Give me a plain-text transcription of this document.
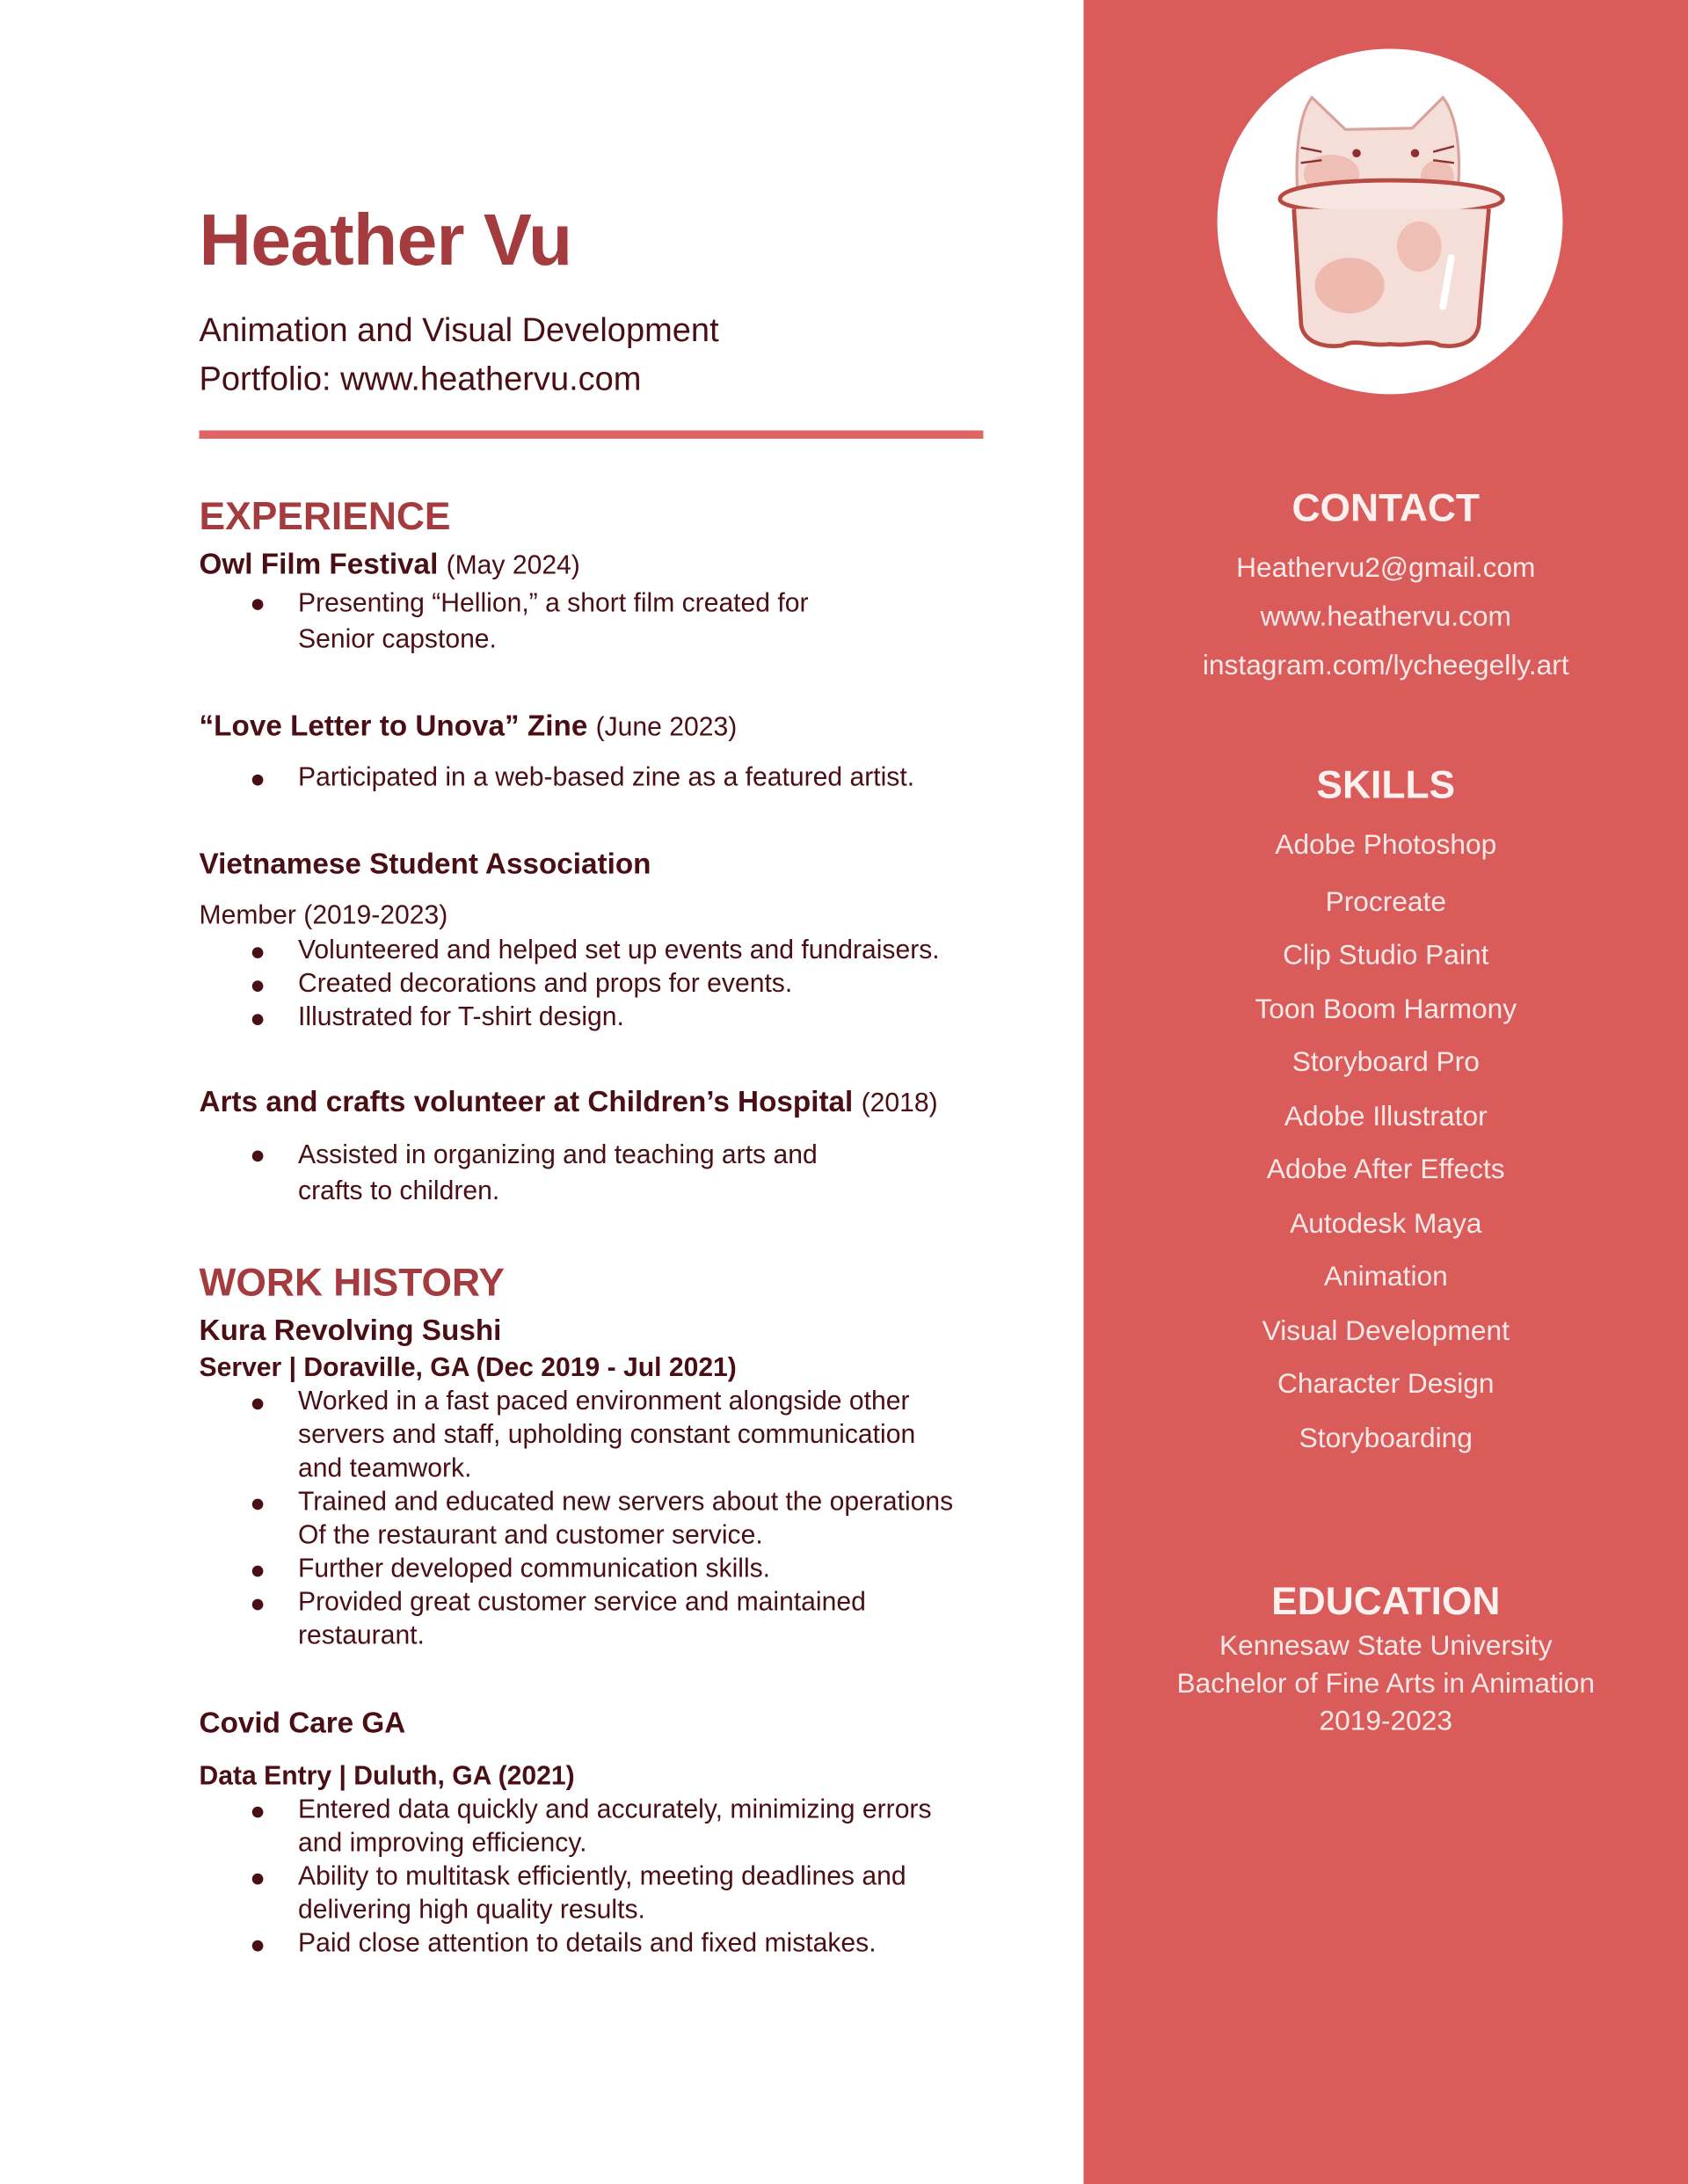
Heather Vu
Animation and Visual Development
Portfolio: www.heathervu.com
EXPERIENCE
Owl Film Festival (May 2024)
Presenting “Hellion,” a short film created for
Senior capstone.
“Love Letter to Unova” Zine (June 2023)
Participated in a web-based zine as a featured artist.
Vietnamese Student Association
Member (2019-2023)
Volunteered and helped set up events and fundraisers.
Created decorations and props for events.
Illustrated for T-shirt design.
Arts and crafts volunteer at Children’s Hospital (2018)
Assisted in organizing and teaching arts and
crafts to children.
WORK HISTORY
Kura Revolving Sushi
Server | Doraville, GA (Dec 2019 - Jul 2021)
Worked in a fast paced environment alongside other
servers and staff, upholding constant communication
and teamwork.
Trained and educated new servers about the operations
Of the restaurant and customer service.
Further developed communication skills.
Provided great customer service and maintained
restaurant.
Covid Care GA
Data Entry | Duluth, GA (2021)
Entered data quickly and accurately, minimizing errors
and improving efficiency.
Ability to multitask efficiently, meeting deadlines and
delivering high quality results.
Paid close attention to details and fixed mistakes.
CONTACT
Heathervu2@gmail.com
www.heathervu.com
instagram.com/lycheegelly.art
SKILLS
Adobe Photoshop
Procreate
Clip Studio Paint
Toon Boom Harmony
Storyboard Pro
Adobe Illustrator
Adobe After Effects
Autodesk Maya
Animation
Visual Development
Character Design
Storyboarding
EDUCATION
Kennesaw State University
Bachelor of Fine Arts in Animation
2019-2023
